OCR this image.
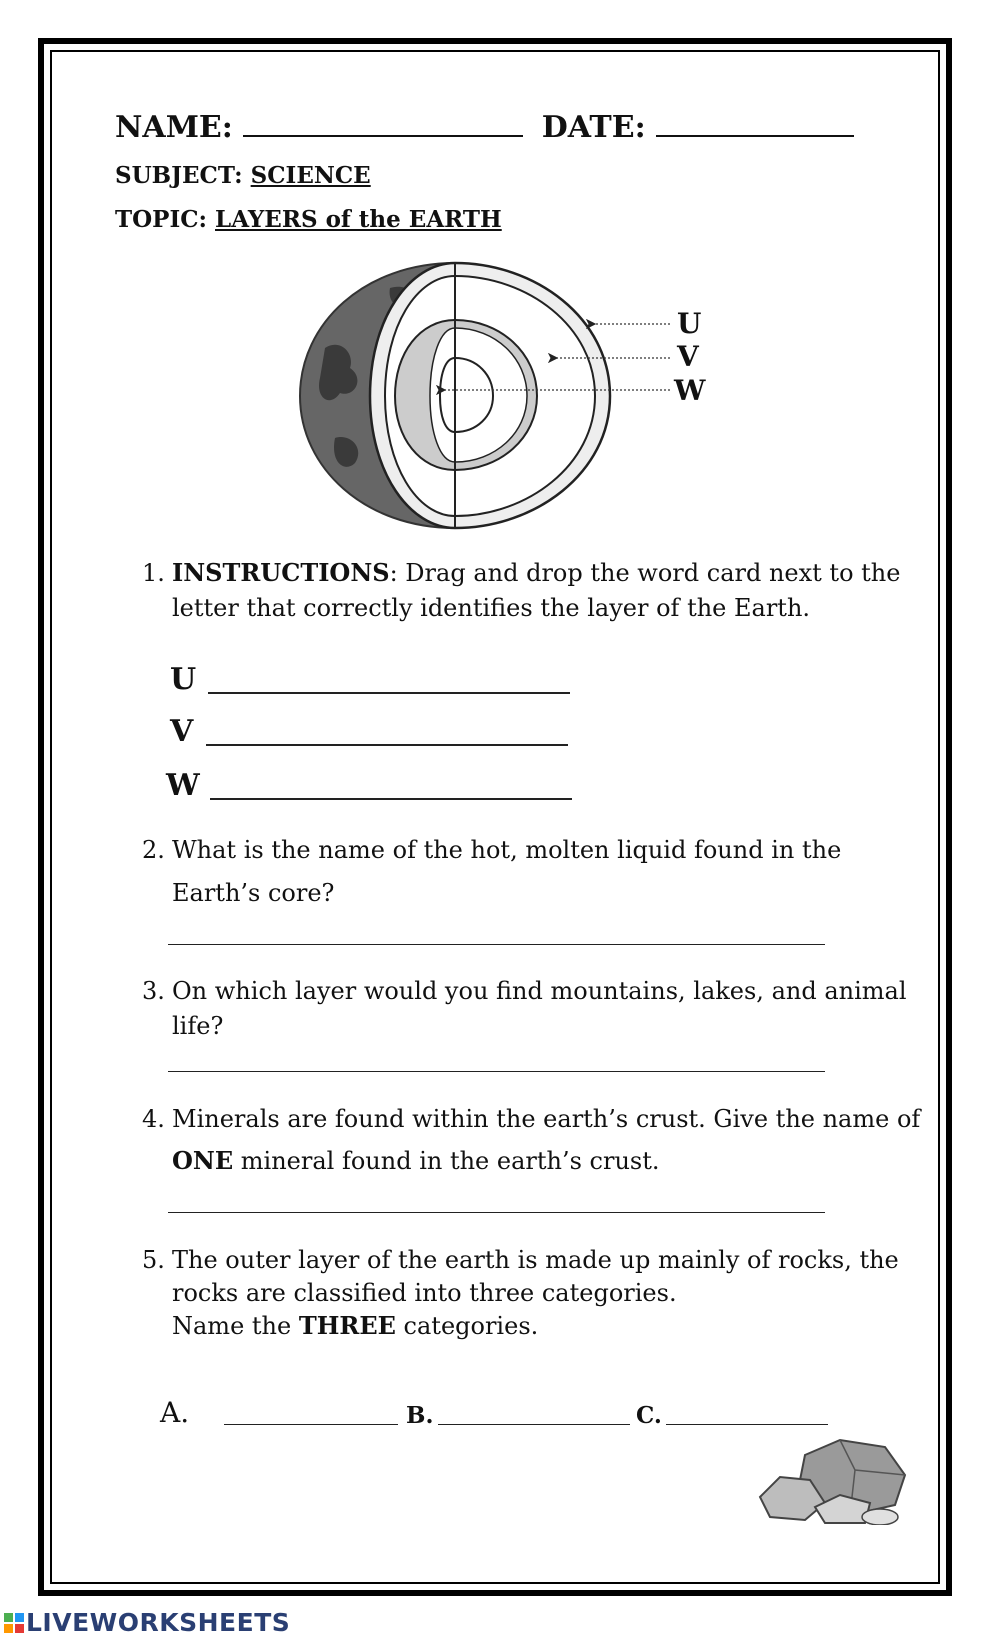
NAME:	DATE:
SUBJECT: SCIENCE
TOPIC: LAYERS of the EARTH
U
V
W
1. INSTRUCTIONS: Drag and drop the word card next to the
letter that correctly identifies the layer of the Earth.
U
V
W
2. What is the name of the hot, molten liquid found in the
Earth’s core?
3. On which layer would you find mountains, lakes, and animal
life?
4. Minerals are found within the earth’s crust. Give the name of
ONE mineral found in the earth’s crust.
5. The outer layer of the earth is made up mainly of rocks, the
rocks are classified into three categories.
Name the THREE categories.
A.	B.	C.
LIVEWORKSHEETS
